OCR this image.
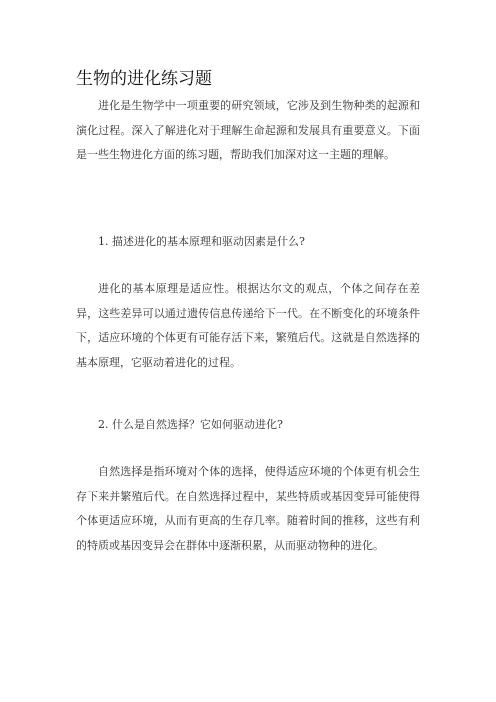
生物的进化练习题

进化是生物学中一项重要的研究领域，它涉及到生物种类的起源和演化过程。深入了解进化对于理解生命起源和发展具有重要意义。下面是一些生物进化方面的练习题，帮助我们加深对这一主题的理解。

1. 描述进化的基本原理和驱动因素是什么?

进化的基本原理是适应性。根据达尔文的观点，个体之间存在差异，这些差异可以通过遗传信息传递给下一代。在不断变化的环境条件下，适应环境的个体更有可能存活下来，繁殖后代。这就是自然选择的基本原理，它驱动着进化的过程。

2. 什么是自然选择？它如何驱动进化?

自然选择是指环境对个体的选择，使得适应环境的个体更有机会生存下来并繁殖后代。在自然选择过程中，某些特质或基因变异可能使得个体更适应环境，从而有更高的生存几率。随着时间的推移，这些有利的特质或基因变异会在群体中逐渐积累，从而驱动物种的进化。
